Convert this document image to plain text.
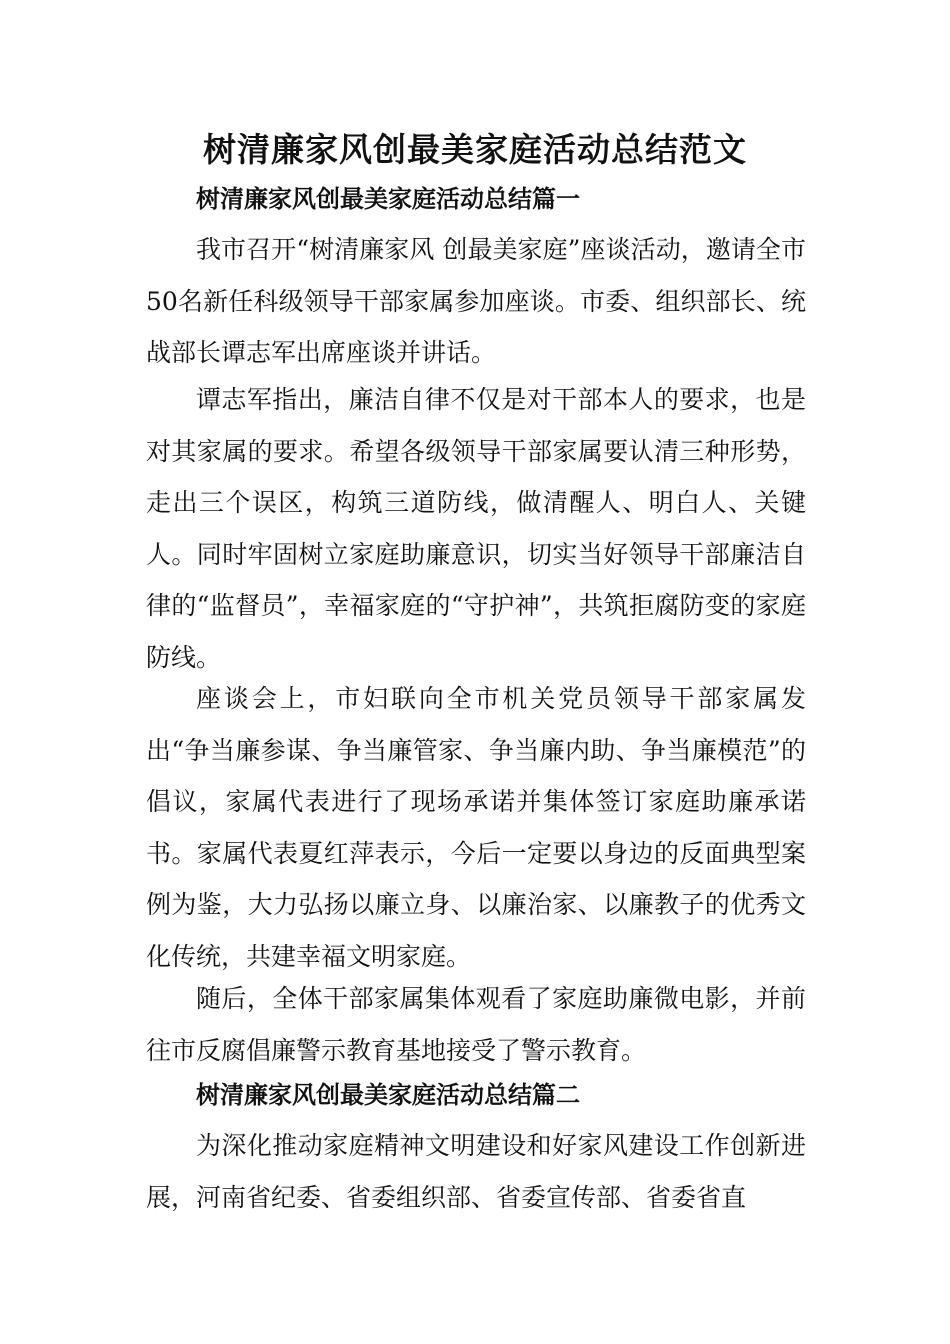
树清廉家风创最美家庭活动总结范文
树清廉家风创最美家庭活动总结篇一

我市召开“树清廉家风 创最美家庭”座谈活动，邀请全市50名新任科级领导干部家属参加座谈。市委、组织部长、统战部长谭志军出席座谈并讲话。

谭志军指出，廉洁自律不仅是对干部本人的要求，也是对其家属的要求。希望各级领导干部家属要认清三种形势，走出三个误区，构筑三道防线，做清醒人、明白人、关键人。同时牢固树立家庭助廉意识，切实当好领导干部廉洁自律的“监督员”，幸福家庭的“守护神”，共筑拒腐防变的家庭防线。

座谈会上，市妇联向全市机关党员领导干部家属发出“争当廉参谋、争当廉管家、争当廉内助、争当廉模范”的倡议，家属代表进行了现场承诺并集体签订家庭助廉承诺书。家属代表夏红萍表示，今后一定要以身边的反面典型案例为鉴，大力弘扬以廉立身、以廉治家、以廉教子的优秀文化传统，共建幸福文明家庭。

随后，全体干部家属集体观看了家庭助廉微电影，并前往市反腐倡廉警示教育基地接受了警示教育。

树清廉家风创最美家庭活动总结篇二

为深化推动家庭精神文明建设和好家风建设工作创新进展，河南省纪委、省委组织部、省委宣传部、省委省直
